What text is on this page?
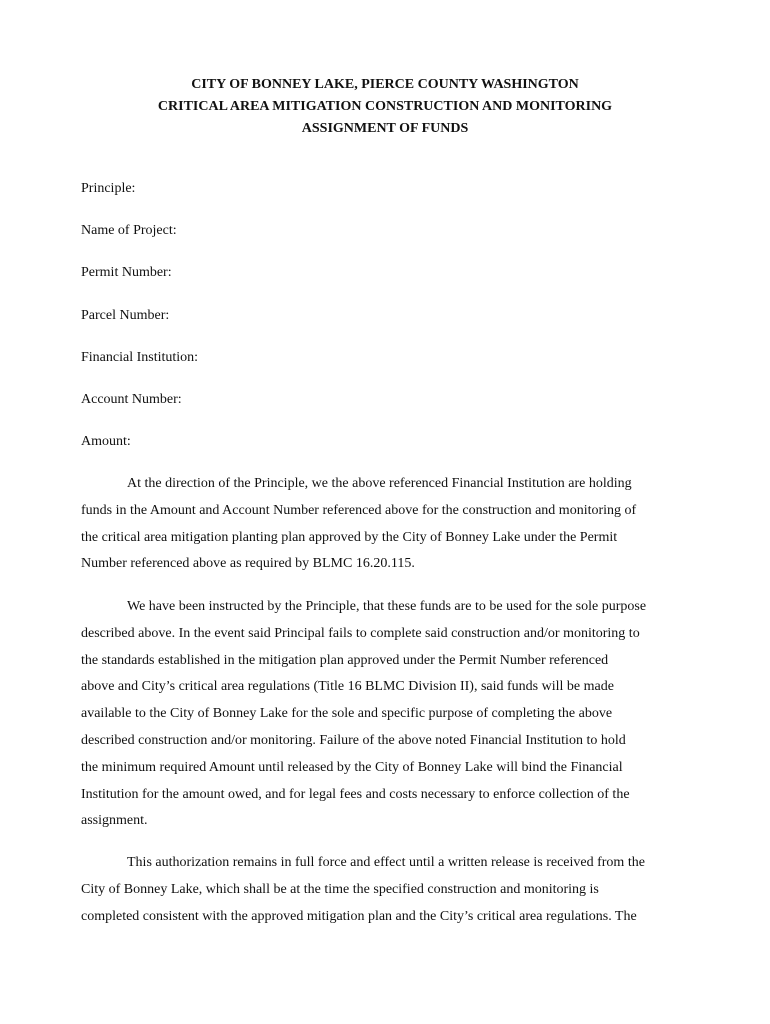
CITY OF BONNEY LAKE, PIERCE COUNTY WASHINGTON
CRITICAL AREA MITIGATION CONSTRUCTION AND MONITORING
ASSIGNMENT OF FUNDS
Principle:
Name of Project:
Permit Number:
Parcel Number:
Financial Institution:
Account Number:
Amount:
At the direction of the Principle, we the above referenced Financial Institution are holding
funds in the Amount and Account Number referenced above for the construction and monitoring of
the critical area mitigation planting plan approved by the City of Bonney Lake under the Permit
Number referenced above as required by BLMC 16.20.115.
We have been instructed by the Principle, that these funds are to be used for the sole purpose
described above. In the event said Principal fails to complete said construction and/or monitoring to
the standards established in the mitigation plan approved under the Permit Number referenced
above and City’s critical area regulations (Title 16 BLMC Division II), said funds will be made
available to the City of Bonney Lake for the sole and specific purpose of completing the above
described construction and/or monitoring. Failure of the above noted Financial Institution to hold
the minimum required Amount until released by the City of Bonney Lake will bind the Financial
Institution for the amount owed, and for legal fees and costs necessary to enforce collection of the
assignment.
This authorization remains in full force and effect until a written release is received from the
City of Bonney Lake, which shall be at the time the specified construction and monitoring is
completed consistent with the approved mitigation plan and the City’s critical area regulations. The
